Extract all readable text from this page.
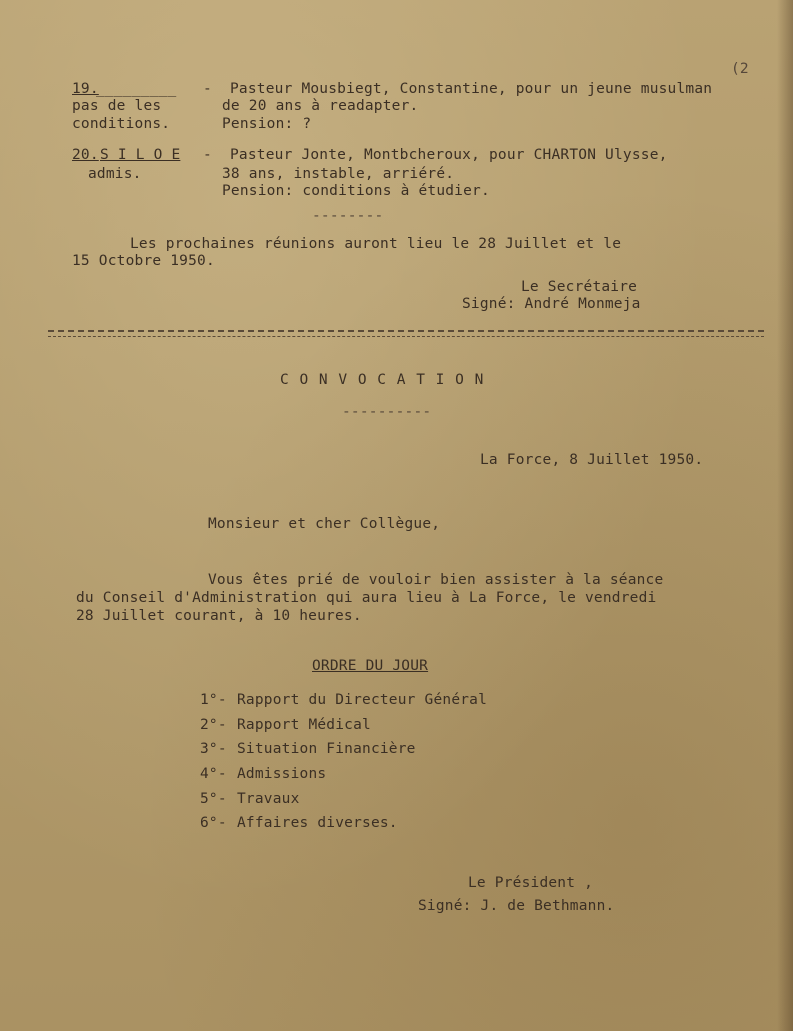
(2
19.
_________ - Pasteur Mousbiegt, Constantine, pour un jeune musulman
pas de les	de 20 ans à readapter.
conditions.	Pension: ?
20. S I L O E - Pasteur Jonte, Montbcheroux, pour CHARTON Ulysse,
admis.	38 ans, instable, arriéré.
Pension: conditions à étudier.
--------
Les prochaines réunions auront lieu le 28 Juillet et le
15 Octobre 1950.
Le Secrétaire
Signé: André Monmeja
C O N V O C A T I O N
----------
La Force, 8 Juillet 1950.
Monsieur et cher Collègue,
Vous êtes prié de vouloir bien assister à la séance
du Conseil d'Administration qui aura lieu à La Force, le vendredi
28 Juillet courant, à 10 heures.
ORDRE DU JOUR
1°- Rapport du Directeur Général
2°- Rapport Médical
3°- Situation Financière
4°- Admissions
5°- Travaux
6°- Affaires diverses.
Le Président ,
Signé: J. de Bethmann.
